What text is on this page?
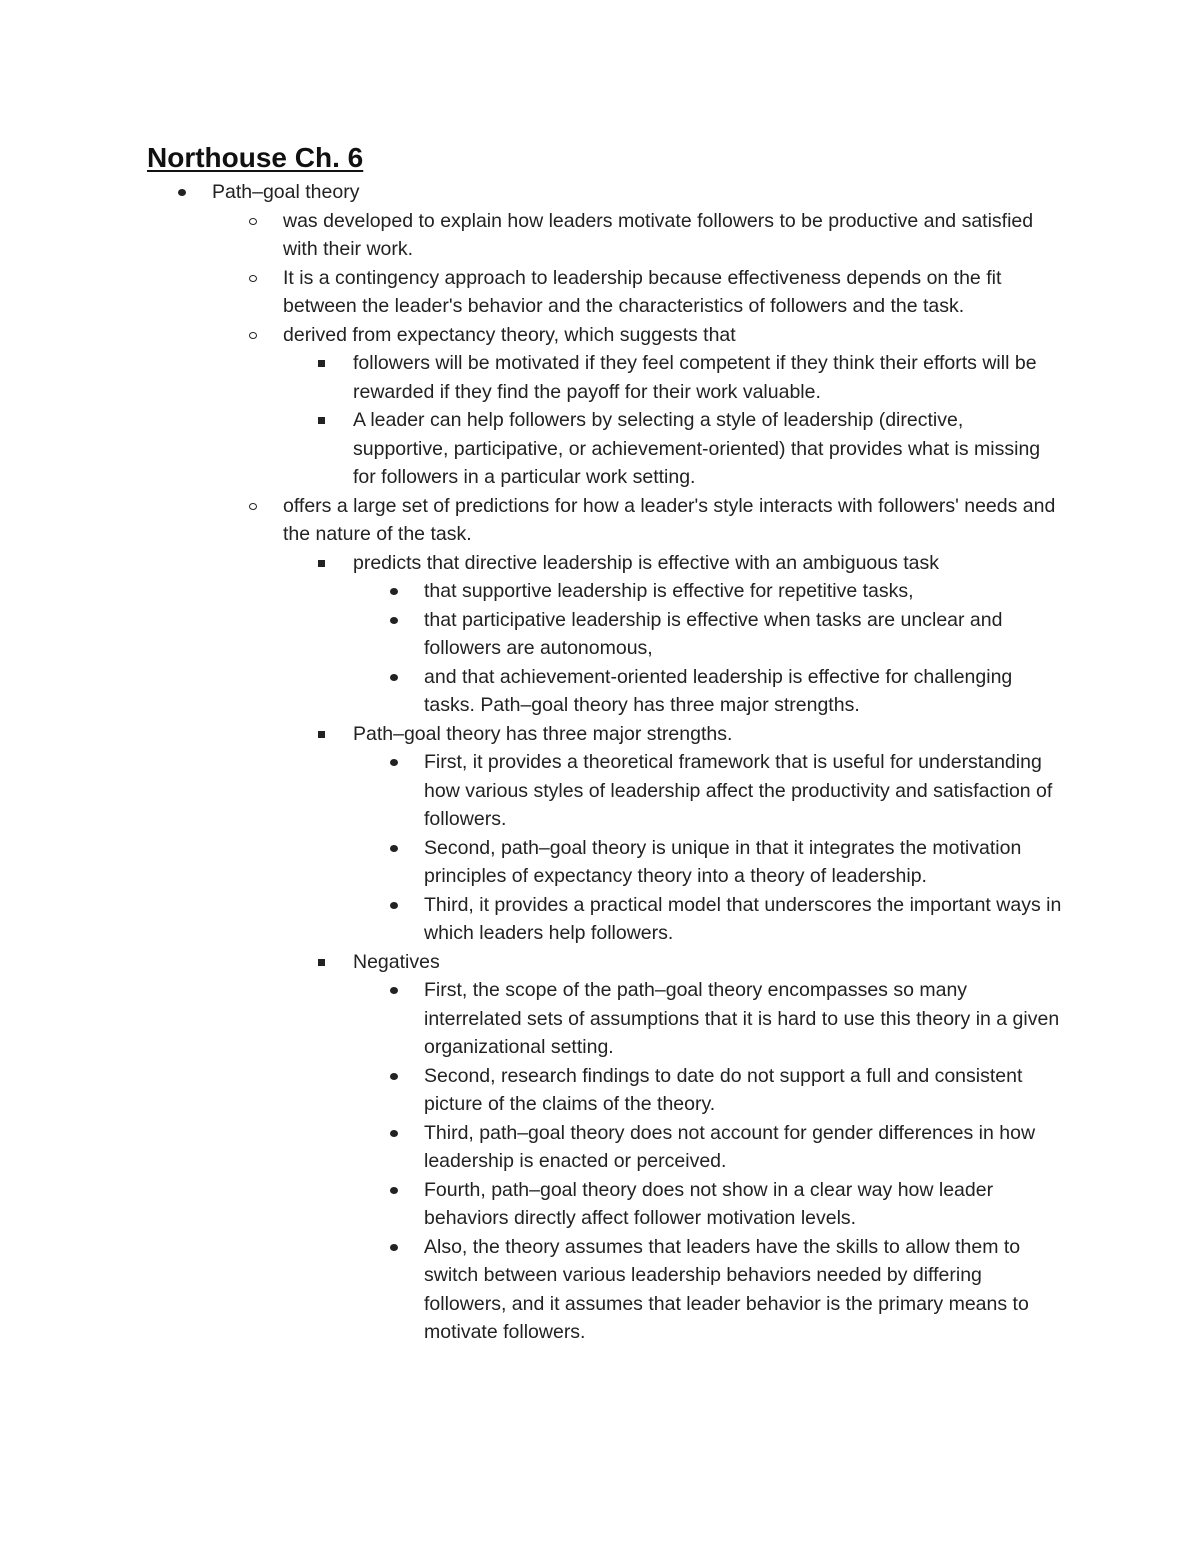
Northouse Ch. 6
Path–goal theory
was developed to explain how leaders motivate followers to be productive and satisfied with their work.
It is a contingency approach to leadership because effectiveness depends on the fit between the leader's behavior and the characteristics of followers and the task.
derived from expectancy theory, which suggests that
followers will be motivated if they feel competent if they think their efforts will be rewarded if they find the payoff for their work valuable.
A leader can help followers by selecting a style of leadership (directive, supportive, participative, or achievement-oriented) that provides what is missing for followers in a particular work setting.
offers a large set of predictions for how a leader's style interacts with followers' needs and the nature of the task.
predicts that directive leadership is effective with an ambiguous task
that supportive leadership is effective for repetitive tasks,
that participative leadership is effective when tasks are unclear and followers are autonomous,
and that achievement-oriented leadership is effective for challenging tasks. Path–goal theory has three major strengths.
Path–goal theory has three major strengths.
First, it provides a theoretical framework that is useful for understanding how various styles of leadership affect the productivity and satisfaction of followers.
Second, path–goal theory is unique in that it integrates the motivation principles of expectancy theory into a theory of leadership.
Third, it provides a practical model that underscores the important ways in which leaders help followers.
Negatives
First, the scope of the path–goal theory encompasses so many interrelated sets of assumptions that it is hard to use this theory in a given organizational setting.
Second, research findings to date do not support a full and consistent picture of the claims of the theory.
Third, path–goal theory does not account for gender differences in how leadership is enacted or perceived.
Fourth, path–goal theory does not show in a clear way how leader behaviors directly affect follower motivation levels.
Also, the theory assumes that leaders have the skills to allow them to switch between various leadership behaviors needed by differing followers, and it assumes that leader behavior is the primary means to motivate followers.
